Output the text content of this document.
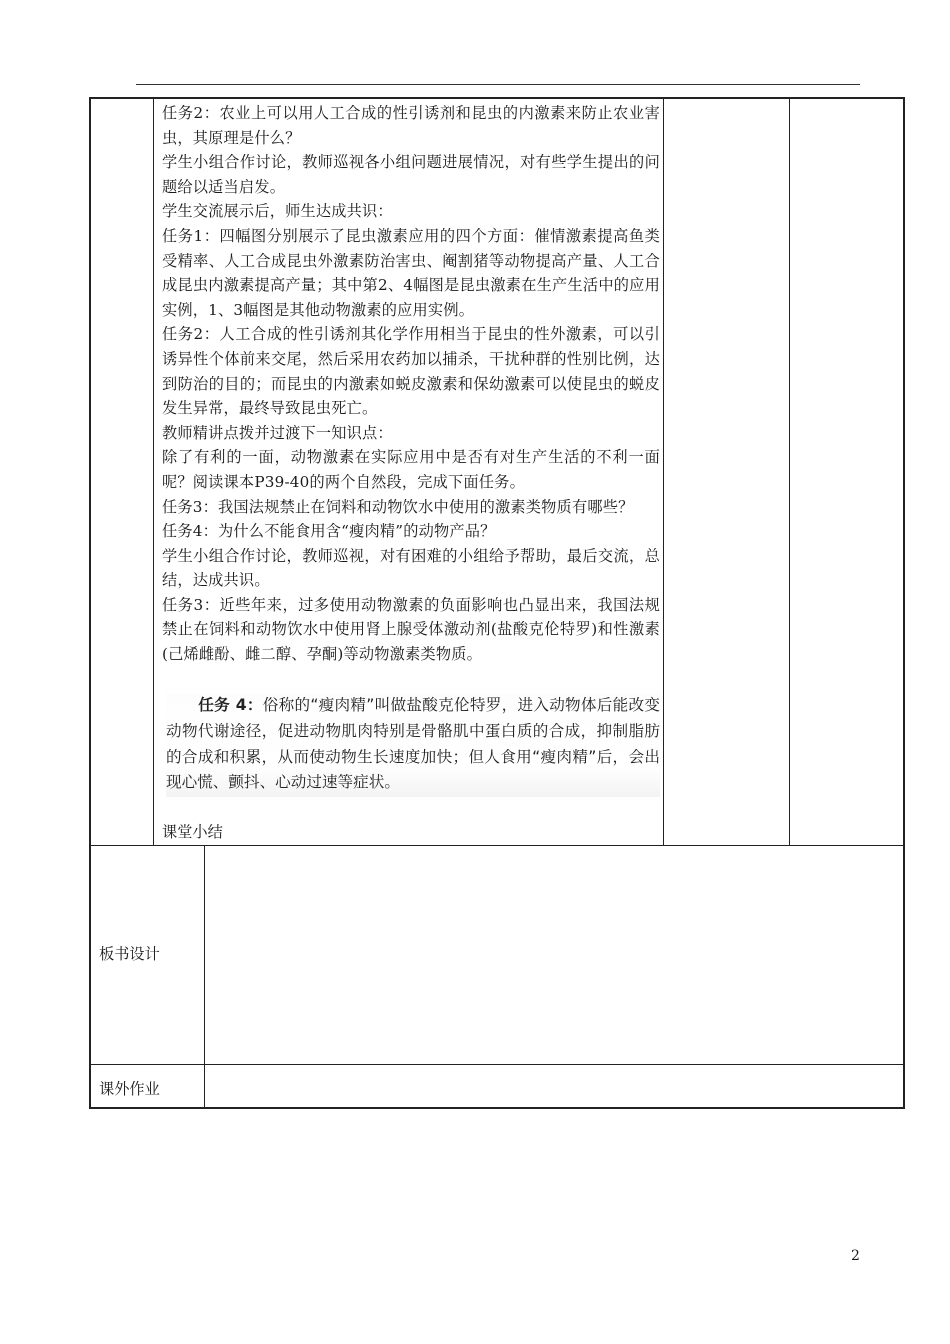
任务2：农业上可以用人工合成的性引诱剂和昆虫的内激素来防止农业害虫，其原理是什么？

学生小组合作讨论，教师巡视各小组问题进展情况，对有些学生提出的问题给以适当启发。

学生交流展示后，师生达成共识：

任务1：四幅图分别展示了昆虫激素应用的四个方面：催情激素提高鱼类受精率、人工合成昆虫外激素防治害虫、阉割猪等动物提高产量、人工合成昆虫内激素提高产量；其中第2、4幅图是昆虫激素在生产生活中的应用实例，1、3幅图是其他动物激素的应用实例。

任务2：人工合成的性引诱剂其化学作用相当于昆虫的性外激素，可以引诱异性个体前来交尾，然后采用农药加以捕杀，干扰种群的性别比例，达到防治的目的；而昆虫的内激素如蜕皮激素和保幼激素可以使昆虫的蜕皮发生异常，最终导致昆虫死亡。

教师精讲点拨并过渡下一知识点：

除了有利的一面，动物激素在实际应用中是否有对生产生活的不利一面呢？阅读课本P39-40的两个自然段，完成下面任务。

任务3：我国法规禁止在饲料和动物饮水中使用的激素类物质有哪些？

任务4：为什么不能食用含“瘦肉精”的动物产品？

学生小组合作讨论，教师巡视，对有困难的小组给予帮助，最后交流，总结，达成共识。

任务3：近些年来，过多使用动物激素的负面影响也凸显出来，我国法规禁止在饲料和动物饮水中使用肾上腺受体激动剂(盐酸克伦特罗)和性激素(己烯雌酚、雌二醇、孕酮)等动物激素类物质。

任务 4：俗称的“瘦肉精”叫做盐酸克伦特罗，进入动物体后能改变动物代谢途径，促进动物肌肉特别是骨骼肌中蛋白质的合成，抑制脂肪的合成和积累，从而使动物生长速度加快；但人食用“瘦肉精”后，会出现心慌、颤抖、心动过速等症状。

课堂小结
板书设计
课外作业
2
